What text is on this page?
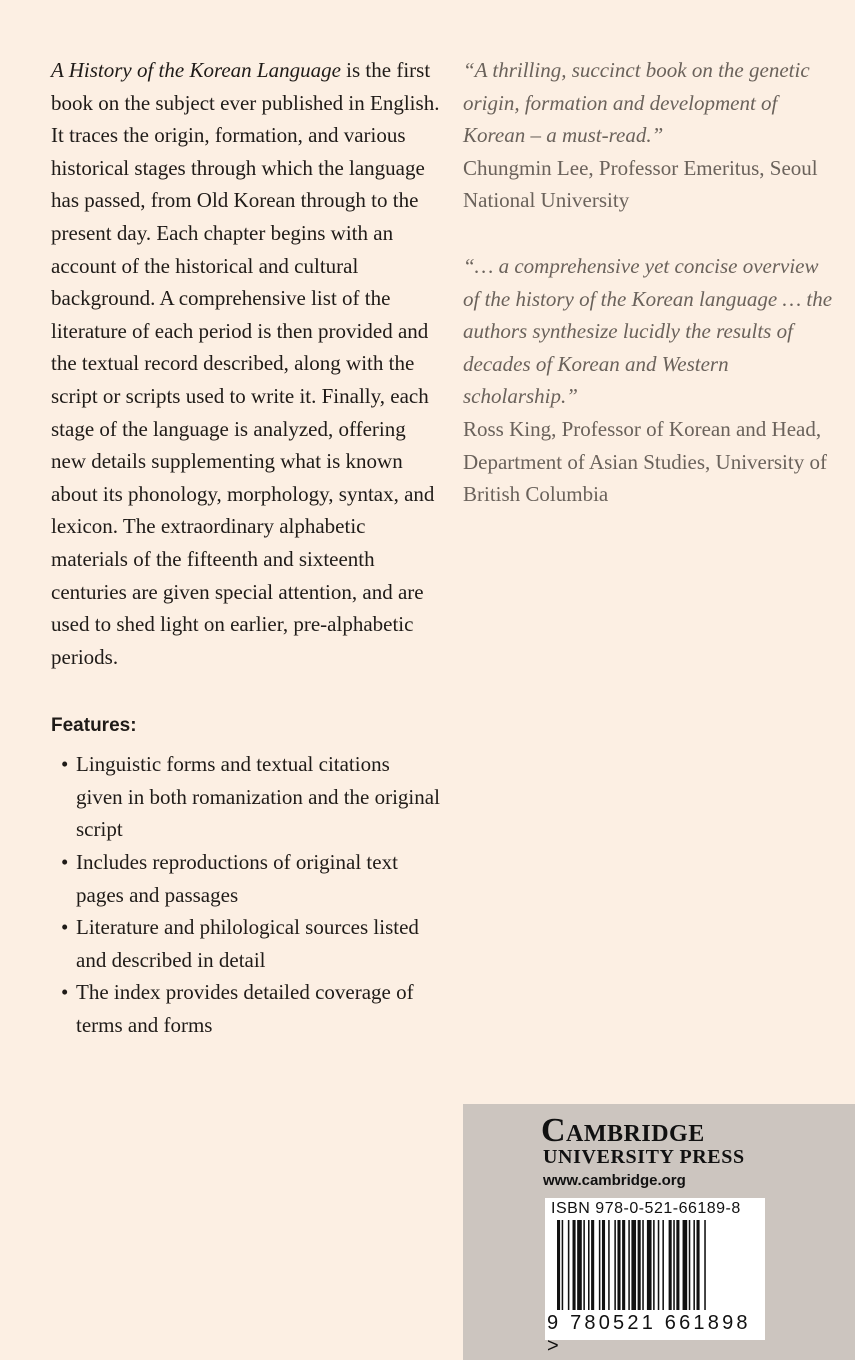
A History of the Korean Language is the first book on the subject ever published in English. It traces the origin, formation, and various historical stages through which the language has passed, from Old Korean through to the present day. Each chapter begins with an account of the historical and cultural background. A comprehensive list of the literature of each period is then provided and the textual record described, along with the script or scripts used to write it. Finally, each stage of the language is analyzed, offering new details supplementing what is known about its phonology, morphology, syntax, and lexicon. The extraordinary alphabetic materials of the fifteenth and sixteenth centuries are given special attention, and are used to shed light on earlier, pre-alphabetic periods.

Features:
• Linguistic forms and textual citations given in both romanization and the original script
• Includes reproductions of original text pages and passages
• Literature and philological sources listed and described in detail
• The index provides detailed coverage of terms and forms
“A thrilling, succinct book on the genetic origin, formation and development of Korean – a must-read.”
Chungmin Lee, Professor Emeritus, Seoul National University
“… a comprehensive yet concise overview of the history of the Korean language … the authors synthesize lucidly the results of decades of Korean and Western scholarship.”
Ross King, Professor of Korean and Head, Department of Asian Studies, University of British Columbia
Cambridge
UNIVERSITY PRESS
www.cambridge.org
ISBN 978-0-521-66189-8
9 780521 661898 >
